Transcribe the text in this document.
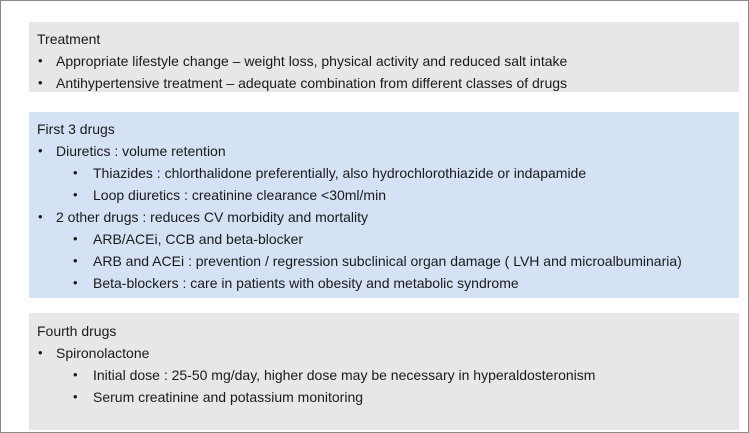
Treatment
• Appropriate lifestyle change – weight loss, physical activity and reduced salt intake
• Antihypertensive treatment – adequate combination from different classes of drugs
First 3 drugs
• Diuretics : volume retention
• Thiazides : chlorthalidone preferentially, also hydrochlorothiazide or indapamide
• Loop diuretics : creatinine clearance <30ml/min
• 2 other drugs : reduces CV morbidity and mortality
• ARB/ACEi, CCB and beta-blocker
• ARB and ACEi : prevention / regression subclinical organ damage ( LVH and microalbuminaria)
• Beta-blockers : care in patients with obesity and metabolic syndrome
Fourth drugs
• Spironolactone
• Initial dose : 25-50 mg/day, higher dose may be necessary in hyperaldosteronism
• Serum creatinine and potassium monitoring
